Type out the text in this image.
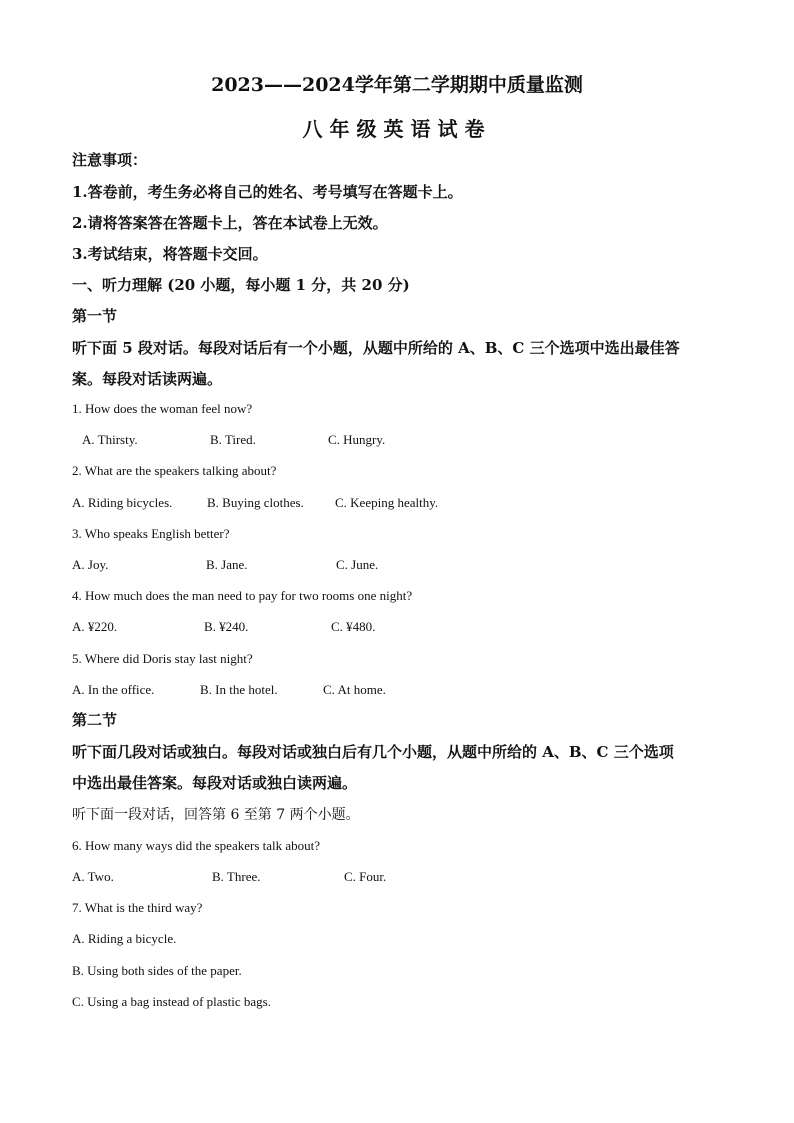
2023——2024学年第二学期期中质量监测
八年级英语试卷
注意事项：
1.答卷前，考生务必将自己的姓名、考号填写在答题卡上。
2.请将答案答在答题卡上，答在本试卷上无效。
3.考试结束，将答题卡交回。
一、听力理解 (20 小题，每小题 1 分，共 20 分)
第一节
听下面 5 段对话。每段对话后有一个小题，从题中所给的 A、B、C 三个选项中选出最佳答
案。每段对话读两遍。
1. How does the woman feel now?
A. Thirsty.	B. Tired.	C. Hungry.
2. What are the speakers talking about?
A. Riding bicycles.	B. Buying clothes. C. Keeping healthy.
3. Who speaks English better?
A. Joy.	B. Jane.	C. June.
4. How much does the man need to pay for two rooms one night?
A. ¥220.	B. ¥240.	C. ¥480.
5. Where did Doris stay last night?
A. In the office.	B. In the hotel.	C. At home.
第二节
听下面几段对话或独白。每段对话或独白后有几个小题，从题中所给的 A、B、C 三个选项
中选出最佳答案。每段对话或独白读两遍。
听下面一段对话，回答第 6 至第 7 两个小题。
6. How many ways did the speakers talk about?
A. Two.	B. Three.	C. Four.
7. What is the third way?
A. Riding a bicycle.
B. Using both sides of the paper.
C. Using a bag instead of plastic bags.
